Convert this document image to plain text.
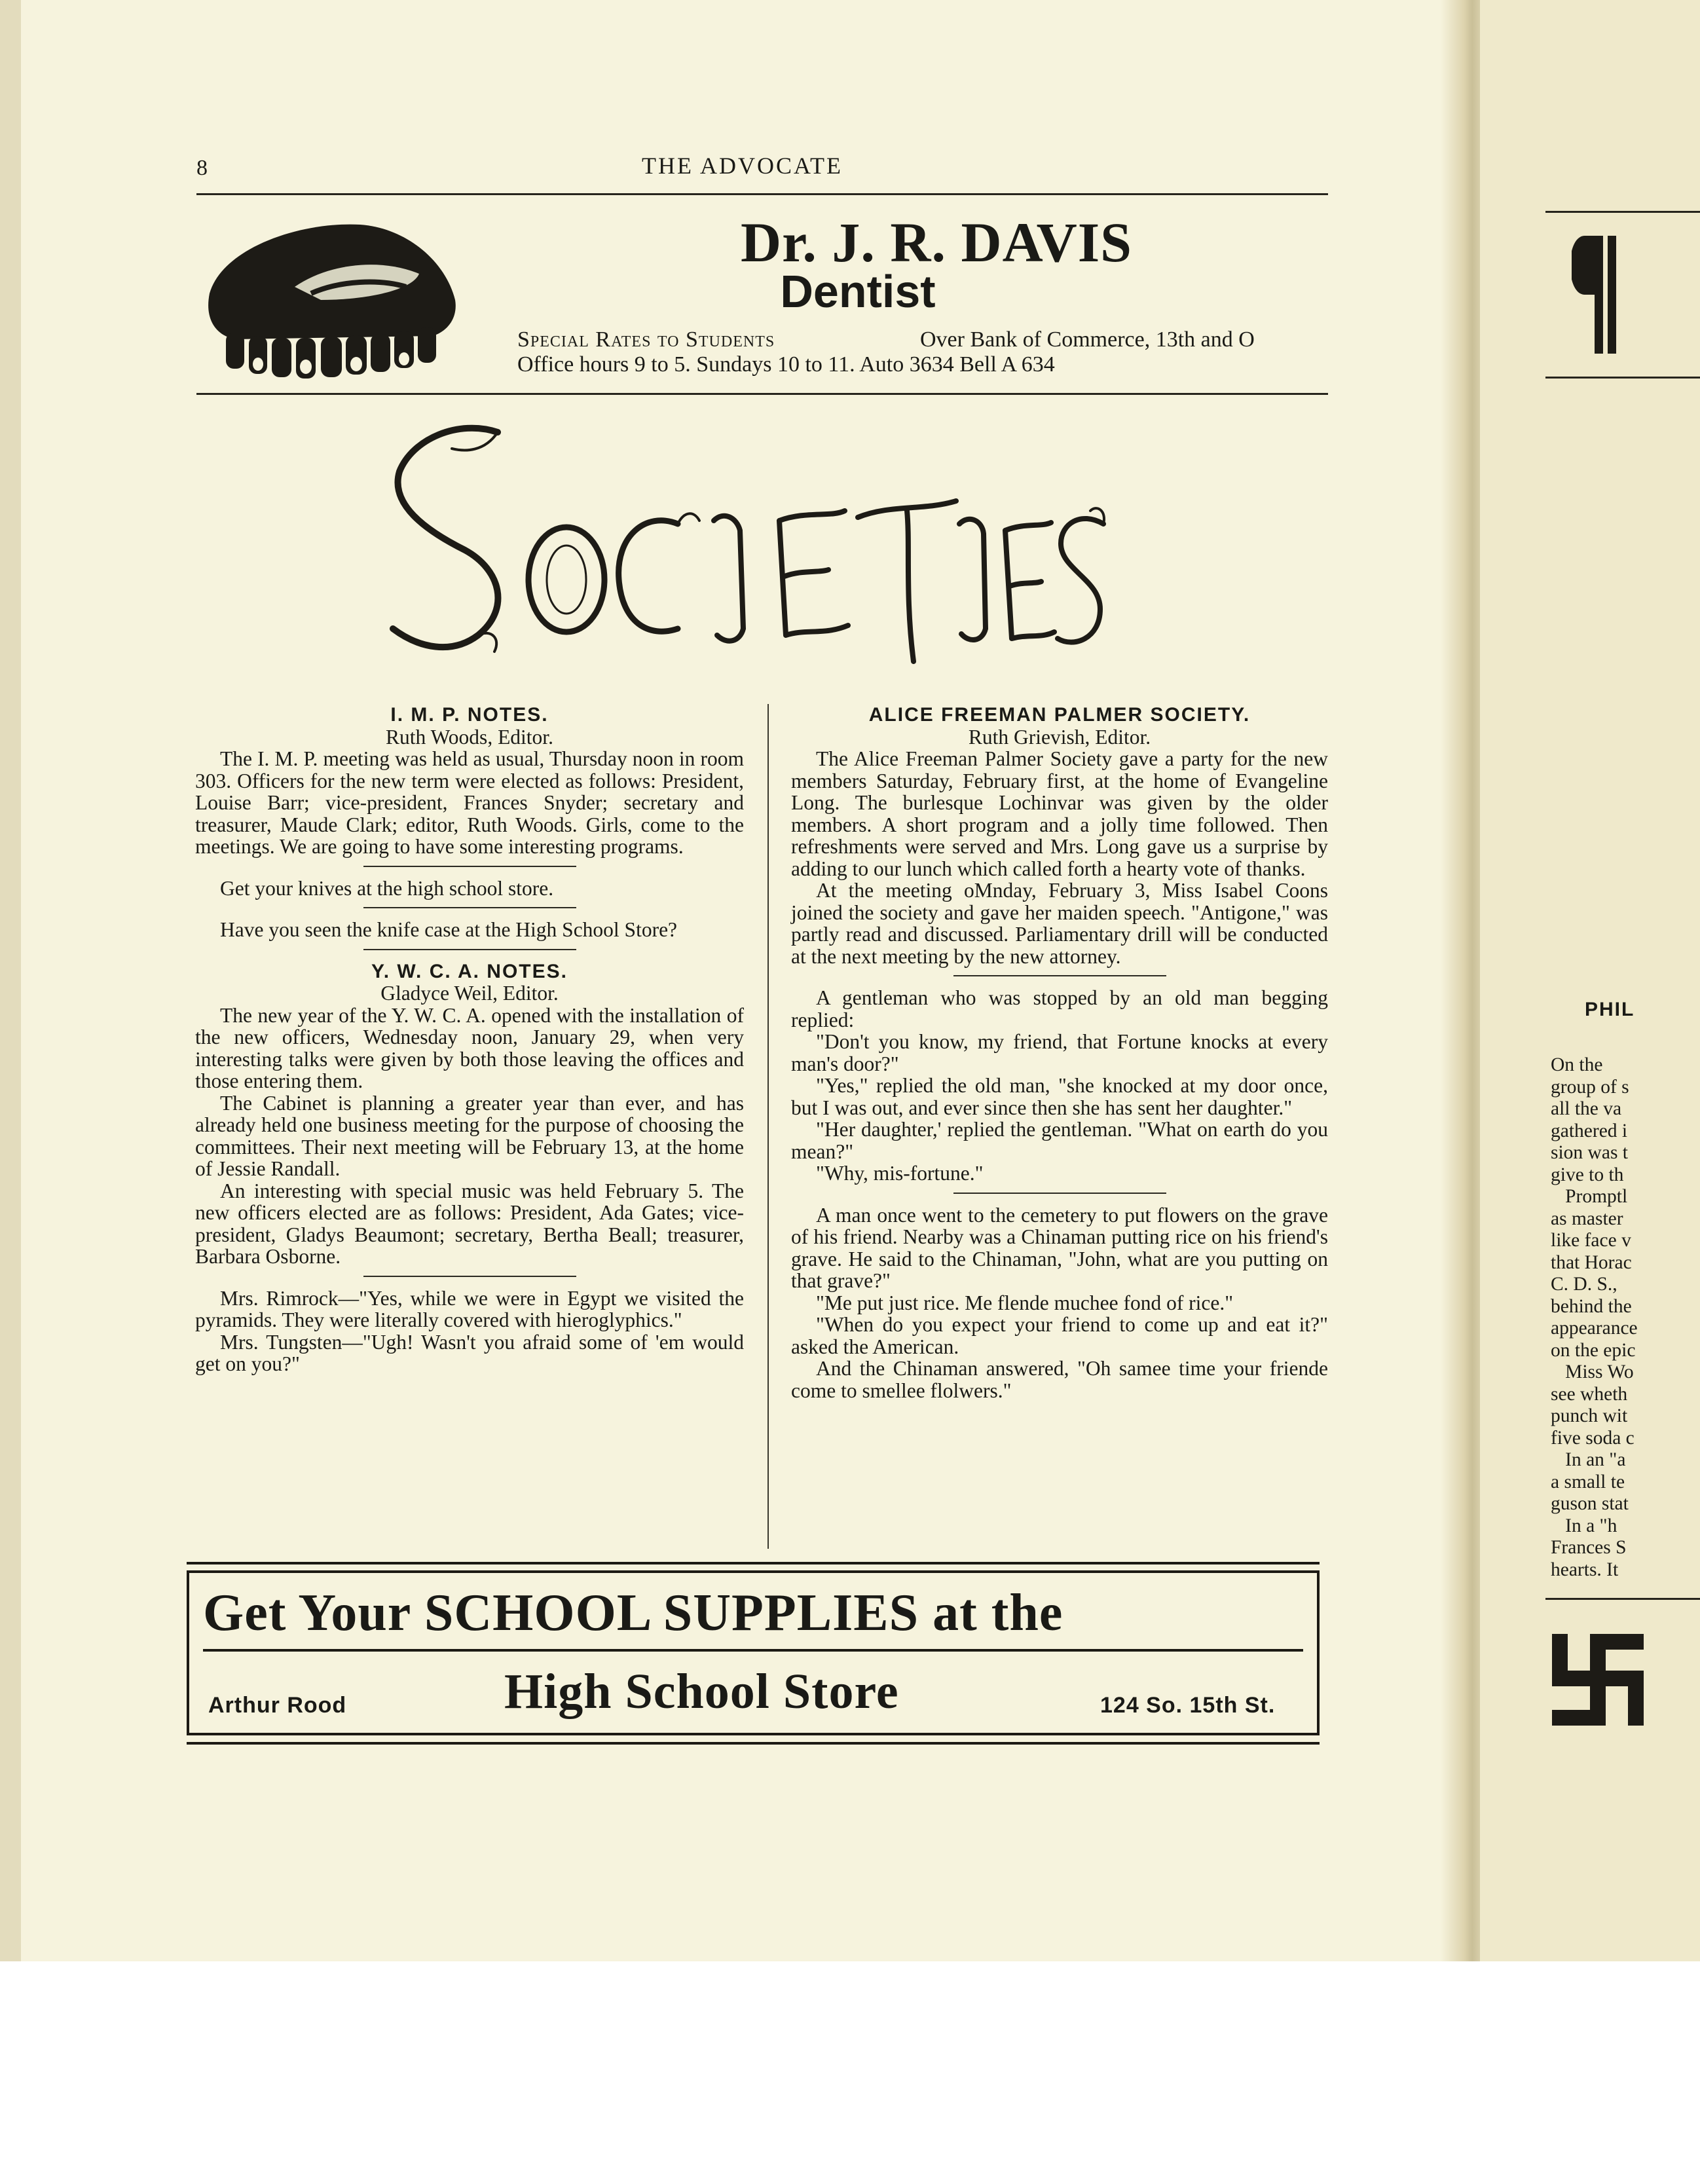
8	THE ADVOCATE
Dr. J. R. DAVIS
Dentist
Special Rates to Students	Over Bank of Commerce, 13th and O
Office hours 9 to 5. Sundays 10 to 11. Auto 3634 Bell A 634

I. M. P. NOTES.

Ruth Woods, Editor.

The I. M. P. meeting was held as usual, Thursday noon in room 303. Officers for the new term were elected as follows: President, Louise Barr; vice-president, Frances Snyder; secretary and treasurer, Maude Clark; editor, Ruth Woods. Girls, come to the meetings. We are going to have some interesting programs.

Get your knives at the high school store.

Have you seen the knife case at the High School Store?

Y. W. C. A. NOTES.

Gladyce Weil, Editor.

The new year of the Y. W. C. A. opened with the installation of the new officers, Wednesday noon, January 29, when very interesting talks were given by both those leaving the offices and those entering them.

The Cabinet is planning a greater year than ever, and has already held one business meeting for the purpose of choosing the committees. Their next meeting will be February 13, at the home of Jessie Randall.

An interesting with special music was held February 5. The new officers elected are as follows: President, Ada Gates; vice-president, Gladys Beaumont; secretary, Bertha Beall; treasurer, Barbara Osborne.

Mrs. Rimrock—"Yes, while we were in Egypt we visited the pyramids. They were literally covered with hieroglyphics."

Mrs. Tungsten—"Ugh! Wasn't you afraid some of 'em would get on you?"

ALICE FREEMAN PALMER SOCIETY.

Ruth Grievish, Editor.

The Alice Freeman Palmer Society gave a party for the new members Saturday, February first, at the home of Evangeline Long. The burlesque Lochinvar was given by the older members. A short program and a jolly time followed. Then refreshments were served and Mrs. Long gave us a surprise by adding to our lunch which called forth a hearty vote of thanks.

At the meeting oMnday, February 3, Miss Isabel Coons joined the society and gave her maiden speech. "Antigone," was partly read and discussed. Parliamentary drill will be conducted at the next meeting by the new attorney.

A gentleman who was stopped by an old man begging replied:

"Don't you know, my friend, that Fortune knocks at every man's door?"

"Yes," replied the old man, "she knocked at my door once, but I was out, and ever since then she has sent her daughter."

"Her daughter,' replied the gentleman. "What on earth do you mean?"

"Why, mis-fortune."

A man once went to the cemetery to put flowers on the grave of his friend. Nearby was a Chinaman putting rice on his friend's grave. He said to the Chinaman, "John, what are you putting on that grave?"

"Me put just rice. Me flende muchee fond of rice."

"When do you expect your friend to come up and eat it?" asked the American.

And the Chinaman answered, "Oh samee time your friende come to smellee flolwers."

Get Your SCHOOL SUPPLIES at the
Arthur Rood	High School Store	124 So. 15th St.
PHIL
On the
group of s
all the va
gathered i
sion was t
give to th
Promptl
as master
like face v
that Horac
C. D. S.,
behind the
appearance
on the epic
Miss Wo
see wheth
punch wit
five soda c
In an "a
a small te
guson stat
In a "h
Frances S
hearts. It
